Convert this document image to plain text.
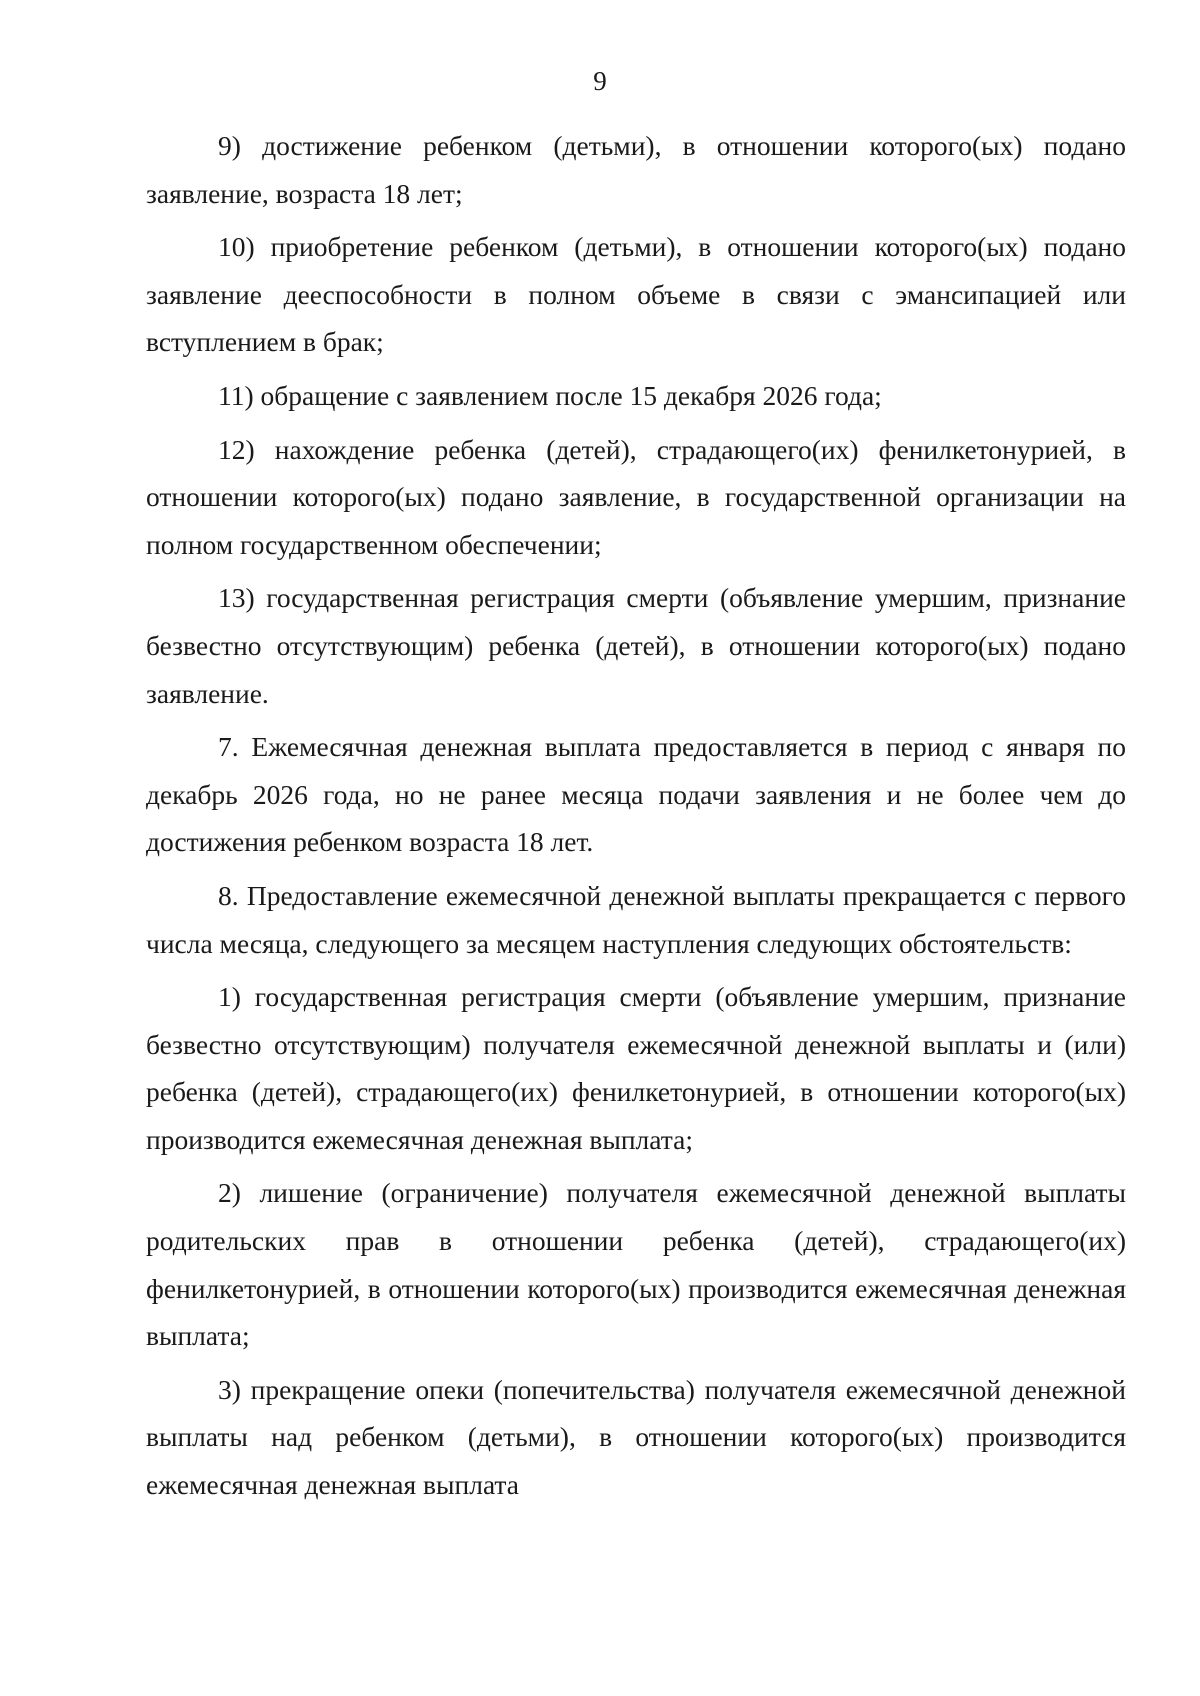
9

9) достижение ребенком (детьми), в отношении которого(ых) подано заявление, возраста 18 лет;

10) приобретение ребенком (детьми), в отношении которого(ых) подано заявление дееспособности в полном объеме в связи с эмансипацией или вступлением в брак;

11) обращение с заявлением после 15 декабря 2026 года;

12) нахождение ребенка (детей), страдающего(их) фенилкетонурией, в отношении которого(ых) подано заявление, в государственной организации на полном государственном обеспечении;

13) государственная регистрация смерти (объявление умершим, признание безвестно отсутствующим) ребенка (детей), в отношении которого(ых) подано заявление.

7. Ежемесячная денежная выплата предоставляется в период с января по декабрь 2026 года, но не ранее месяца подачи заявления и не более чем до достижения ребенком возраста 18 лет.

8. Предоставление ежемесячной денежной выплаты прекращается с первого числа месяца, следующего за месяцем наступления следующих обстоятельств:

1) государственная регистрация смерти (объявление умершим, признание безвестно отсутствующим) получателя ежемесячной денежной выплаты и (или) ребенка (детей), страдающего(их) фенилкетонурией, в отношении которого(ых) производится ежемесячная денежная выплата;

2) лишение (ограничение) получателя ежемесячной денежной выплаты родительских прав в отношении ребенка (детей), страдающего(их) фенилкетонурией, в отношении которого(ых) производится ежемесячная денежная выплата;

3) прекращение опеки (попечительства) получателя ежемесячной денежной выплаты над ребенком (детьми), в отношении которого(ых) производится ежемесячная денежная выплата
